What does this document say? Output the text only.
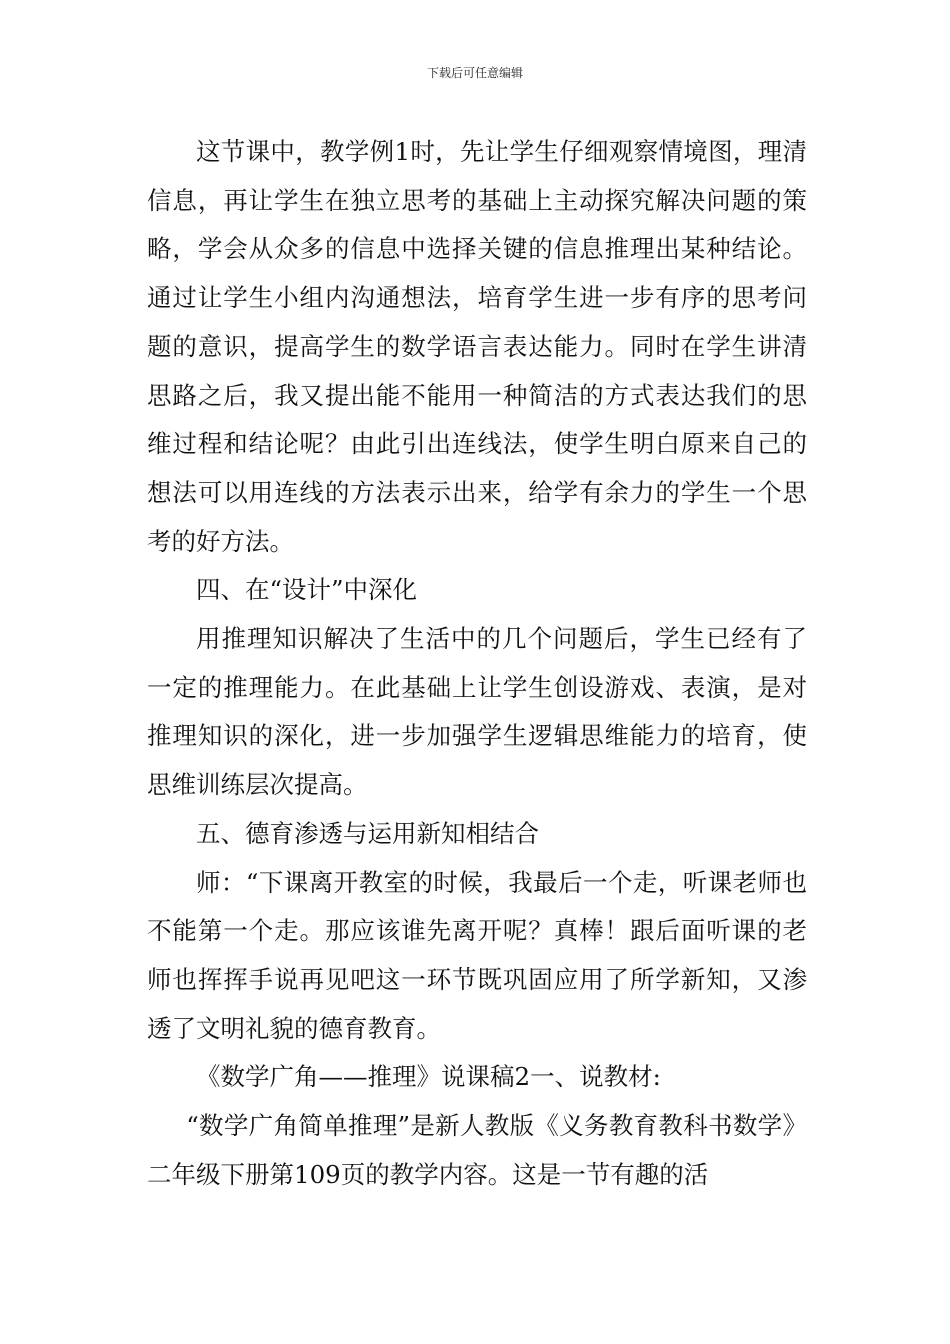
下载后可任意编辑

这节课中，教学例1时，先让学生仔细观察情境图，理清信息，再让学生在独立思考的基础上主动探究解决问题的策略，学会从众多的信息中选择关键的信息推理出某种结论。通过让学生小组内沟通想法，培育学生进一步有序的思考问题的意识，提高学生的数学语言表达能力。同时在学生讲清思路之后，我又提出能不能用一种简洁的方式表达我们的思维过程和结论呢？由此引出连线法，使学生明白原来自己的想法可以用连线的方法表示出来，给学有余力的学生一个思考的好方法。

四、在“设计”中深化

用推理知识解决了生活中的几个问题后，学生已经有了一定的推理能力。在此基础上让学生创设游戏、表演，是对推理知识的深化，进一步加强学生逻辑思维能力的培育，使思维训练层次提高。

五、德育渗透与运用新知相结合

师：“下课离开教室的时候，我最后一个走，听课老师也不能第一个走。那应该谁先离开呢？真棒！跟后面听课的老师也挥挥手说再见吧这一环节既巩固应用了所学新知，又渗透了文明礼貌的德育教育。

《数学广角——推理》说课稿2一、说教材:

“数学广角简单推理”是新人教版《义务教育教科书数学》二年级下册第109页的教学内容。这是一节有趣的活
